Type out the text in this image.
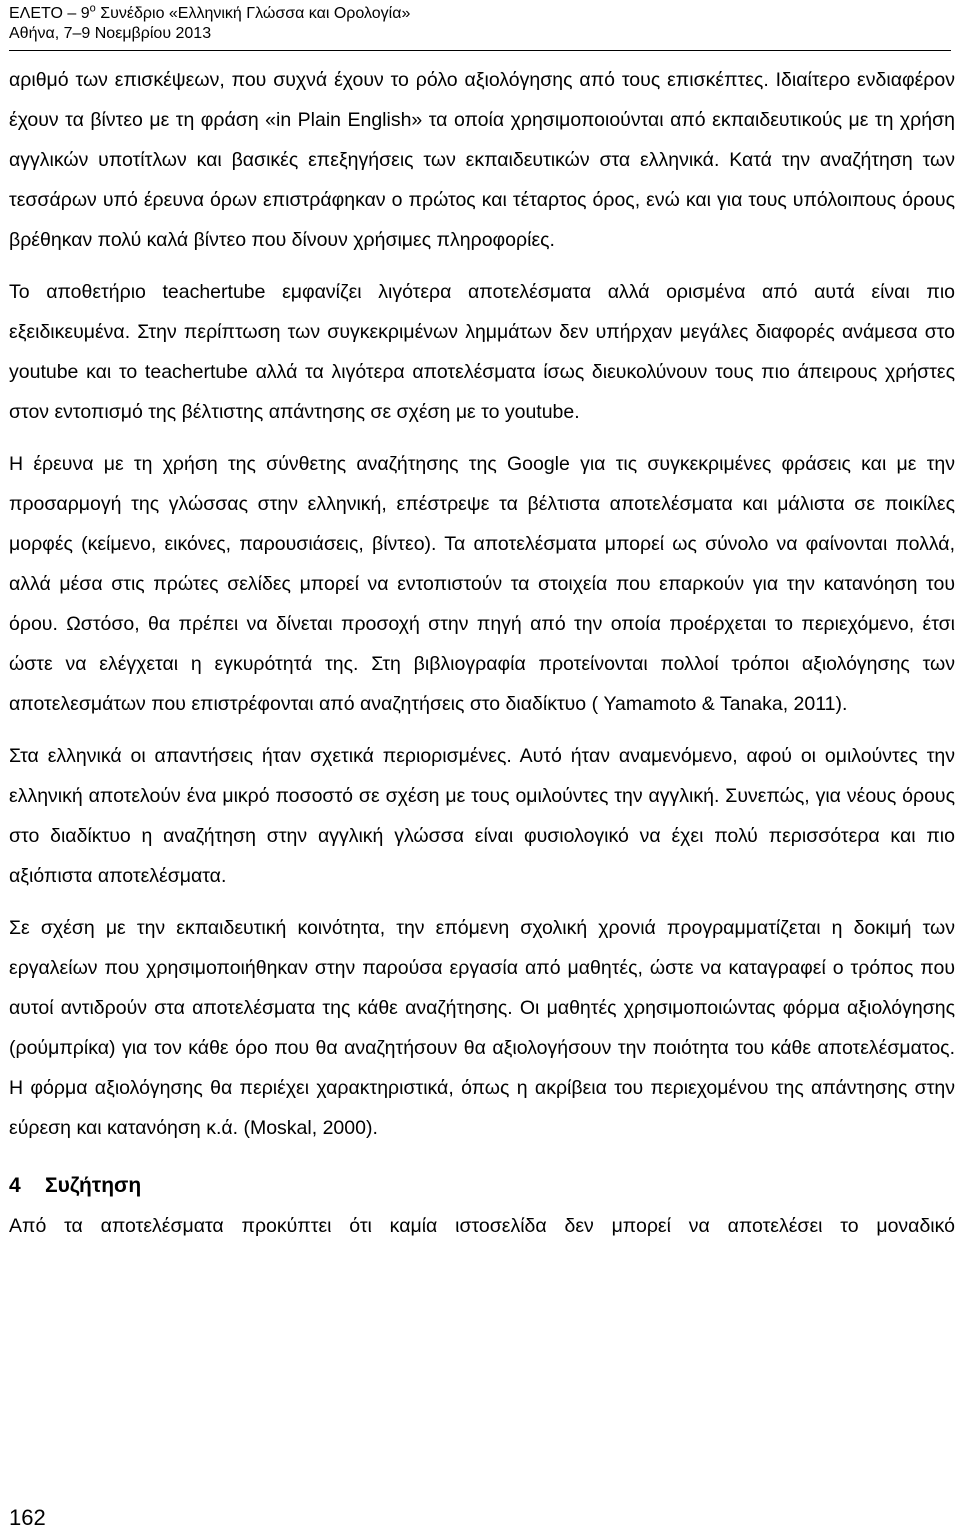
ΕΛΕΤΟ – $9^o$ Συνέδριο «Ελληνική Γλώσσα και Ορολογία»
Αθήνα, 7–9 Νοεμβρίου 2013

αριθμό των επισκέψεων, που συχνά έχουν το ρόλο αξιολόγησης από τους επισκέπτες. Ιδιαίτερο ενδιαφέρον έχουν τα βίντεο με τη φράση «in Plain English» τα οποία χρησιμοποιούνται από εκπαιδευτικούς με τη χρήση αγγλικών υποτίτλων και βασικές επεξηγήσεις των εκπαιδευτικών στα ελληνικά. Κατά την αναζήτηση των τεσσάρων υπό έρευνα όρων επιστράφηκαν ο πρώτος και τέταρτος όρος, ενώ και για τους υπόλοιπους όρους βρέθηκαν πολύ καλά βίντεο που δίνουν χρήσιμες πληροφορίες.

Το αποθετήριο teachertube εμφανίζει λιγότερα αποτελέσματα αλλά ορισμένα από αυτά είναι πιο εξειδικευμένα. Στην περίπτωση των συγκεκριμένων λημμάτων δεν υπήρχαν μεγάλες διαφορές ανάμεσα στο youtube και το teachertube αλλά τα λιγότερα αποτελέσματα ίσως διευκολύνουν τους πιο άπειρους χρήστες στον εντοπισμό της βέλτιστης απάντησης σε σχέση με το youtube.

Η έρευνα με τη χρήση της σύνθετης αναζήτησης της Google για τις συγκεκριμένες φράσεις και με την προσαρμογή της γλώσσας στην ελληνική, επέστρεψε τα βέλτιστα αποτελέσματα και μάλιστα σε ποικίλες μορφές (κείμενο, εικόνες, παρουσιάσεις, βίντεο). Τα αποτελέσματα μπορεί ως σύνολο να φαίνονται πολλά, αλλά μέσα στις πρώτες σελίδες μπορεί να εντοπιστούν τα στοιχεία που επαρκούν για την κατανόηση του όρου. Ωστόσο, θα πρέπει να δίνεται προσοχή στην πηγή από την οποία προέρχεται το περιεχόμενο, έτσι ώστε να ελέγχεται η εγκυρότητά της. Στη βιβλιογραφία προτείνονται πολλοί τρόποι αξιολόγησης των αποτελεσμάτων που επιστρέφονται από αναζητήσεις στο διαδίκτυο ( Yamamoto & Tanaka, 2011).

Στα ελληνικά οι απαντήσεις ήταν σχετικά περιορισμένες. Αυτό ήταν αναμενόμενο, αφού οι ομιλούντες την ελληνική αποτελούν ένα μικρό ποσοστό σε σχέση με τους ομιλούντες την αγγλική. Συνεπώς, για νέους όρους στο διαδίκτυο η αναζήτηση στην αγγλική γλώσσα είναι φυσιολογικό να έχει πολύ περισσότερα και πιο αξιόπιστα αποτελέσματα.

Σε σχέση με την εκπαιδευτική κοινότητα, την επόμενη σχολική χρονιά προγραμματίζεται η δοκιμή των εργαλείων που χρησιμοποιήθηκαν στην παρούσα εργασία από μαθητές, ώστε να καταγραφεί ο τρόπος που αυτοί αντιδρούν στα αποτελέσματα της κάθε αναζήτησης. Οι μαθητές χρησιμοποιώντας φόρμα αξιολόγησης (ρούμπρίκα) για τον κάθε όρο που θα αναζητήσουν θα αξιολογήσουν την ποιότητα του κάθε αποτελέσματος. Η φόρμα αξιολόγησης θα περιέχει χαρακτηριστικά, όπως η ακρίβεια του περιεχομένου της απάντησης στην εύρεση και κατανόηση κ.ά. (Moskal, 2000).

4 Συζήτηση

Από τα αποτελέσματα προκύπτει ότι καμία ιστοσελίδα δεν μπορεί να αποτελέσει το μοναδικό

162
